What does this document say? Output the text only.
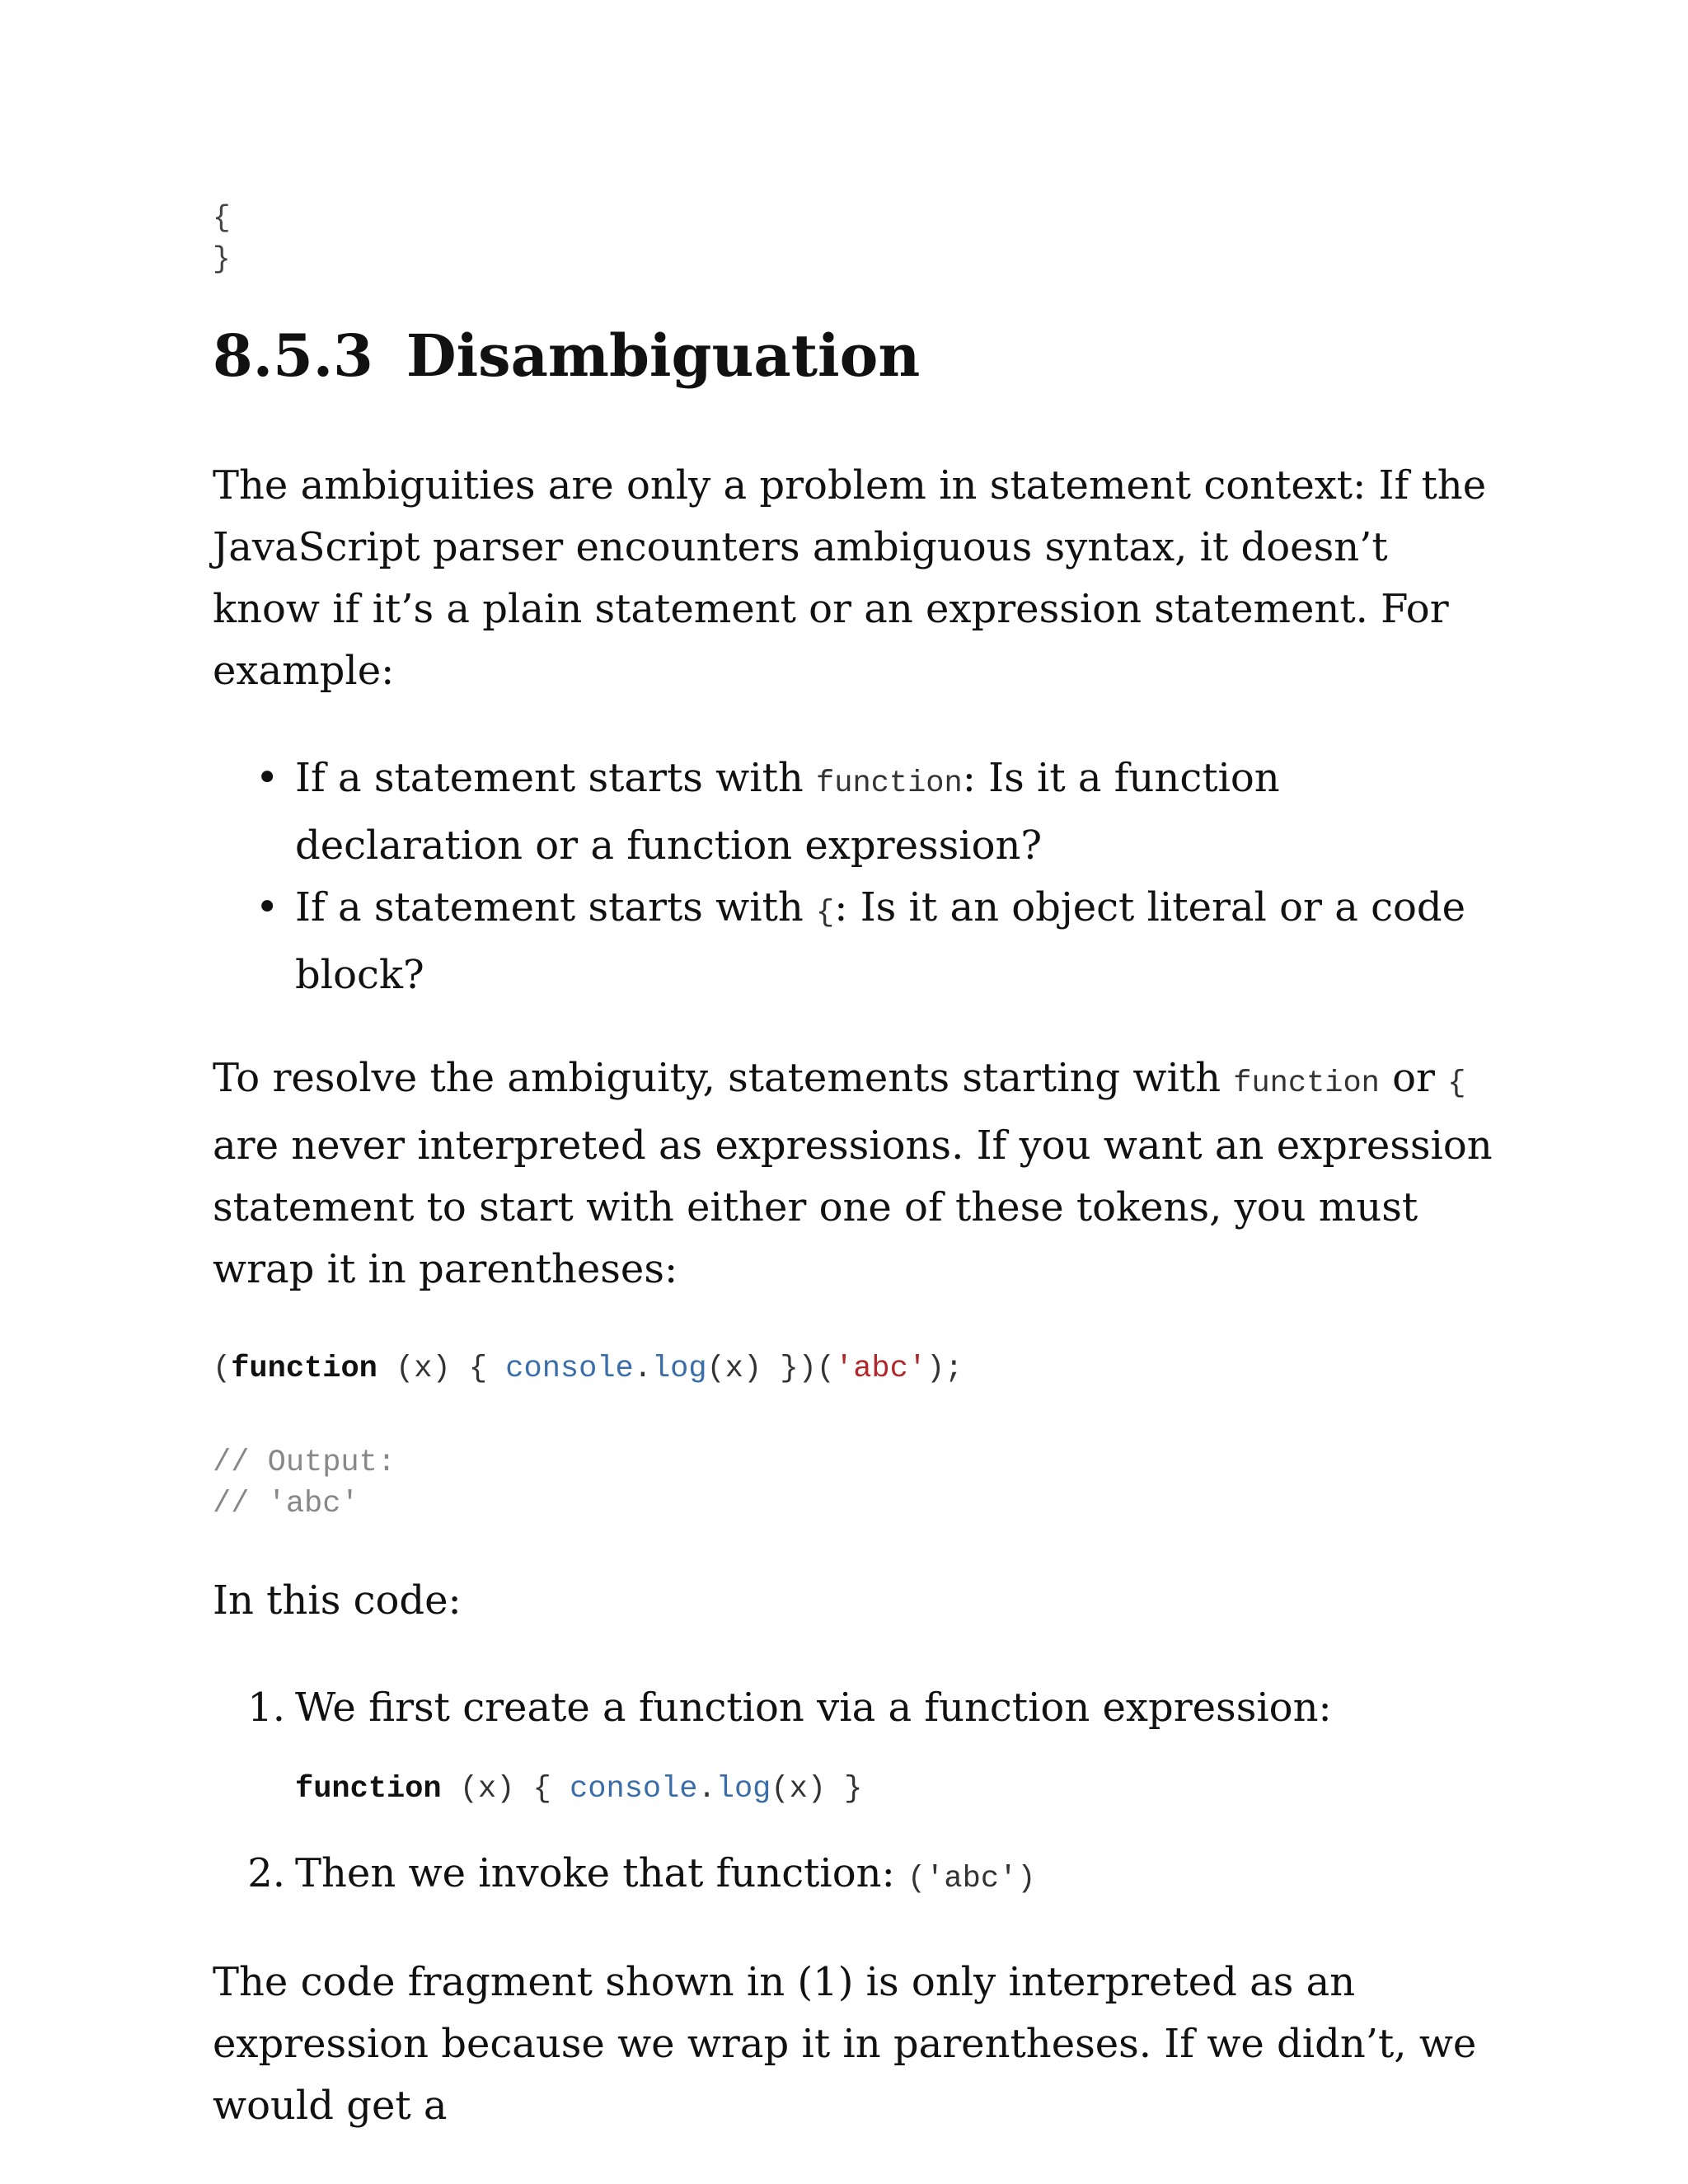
{
}
8.5.3 Disambiguation

The ambiguities are only a problem in statement context: If the JavaScript parser encounters ambiguous syntax, it doesn’t know if it’s a plain statement or an expression statement. For example:

• If a statement starts with function: Is it a function declaration or a function expression?
• If a statement starts with {: Is it an object literal or a code block?

To resolve the ambiguity, statements starting with function or { are never interpreted as expressions. If you want an expression statement to start with either one of these tokens, you must wrap it in parentheses:

(function (x) { console.log(x) })('abc');
// Output:
// 'abc'

In this code:

1. We first create a function via a function expression:
function (x) { console.log(x) }
2. Then we invoke that function: ('abc')

The code fragment shown in (1) is only interpreted as an expression because we wrap it in parentheses. If we didn’t, we would get a
